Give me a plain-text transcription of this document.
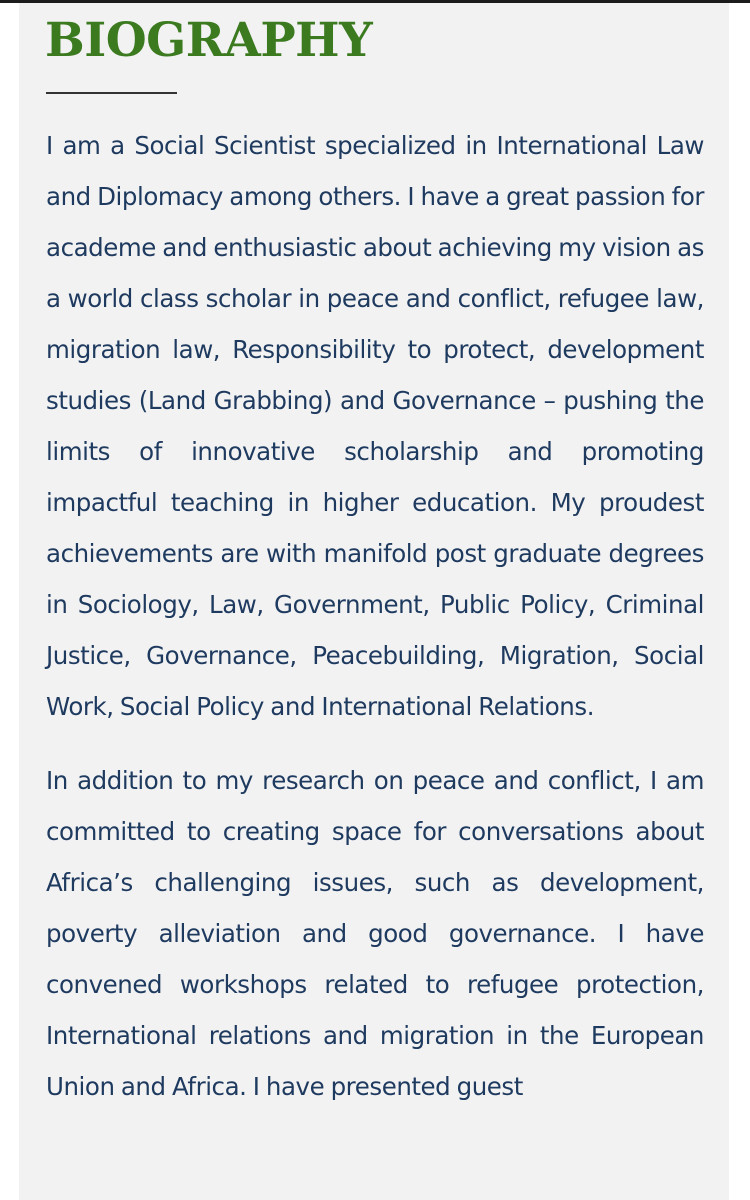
BIOGRAPHY

I am a Social Scientist specialized in International Law and Diplomacy among others. I have a great passion for academe and enthusiastic about achieving my vision as a world class scholar in peace and conflict, refugee law, migration law, Responsibility to protect, development studies (Land Grabbing) and Governance – pushing the limits of innovative scholarship and promoting impactful teaching in higher education. My proudest achievements are with manifold post graduate degrees in Sociology, Law, Government, Public Policy, Criminal Justice, Governance, Peacebuilding, Migration, Social Work, Social Policy and International Relations.

In addition to my research on peace and conflict, I am committed to creating space for conversations about Africa’s challenging issues, such as development, poverty alleviation and good governance. I have convened workshops related to refugee protection, International relations and migration in the European Union and Africa. I have presented guest
